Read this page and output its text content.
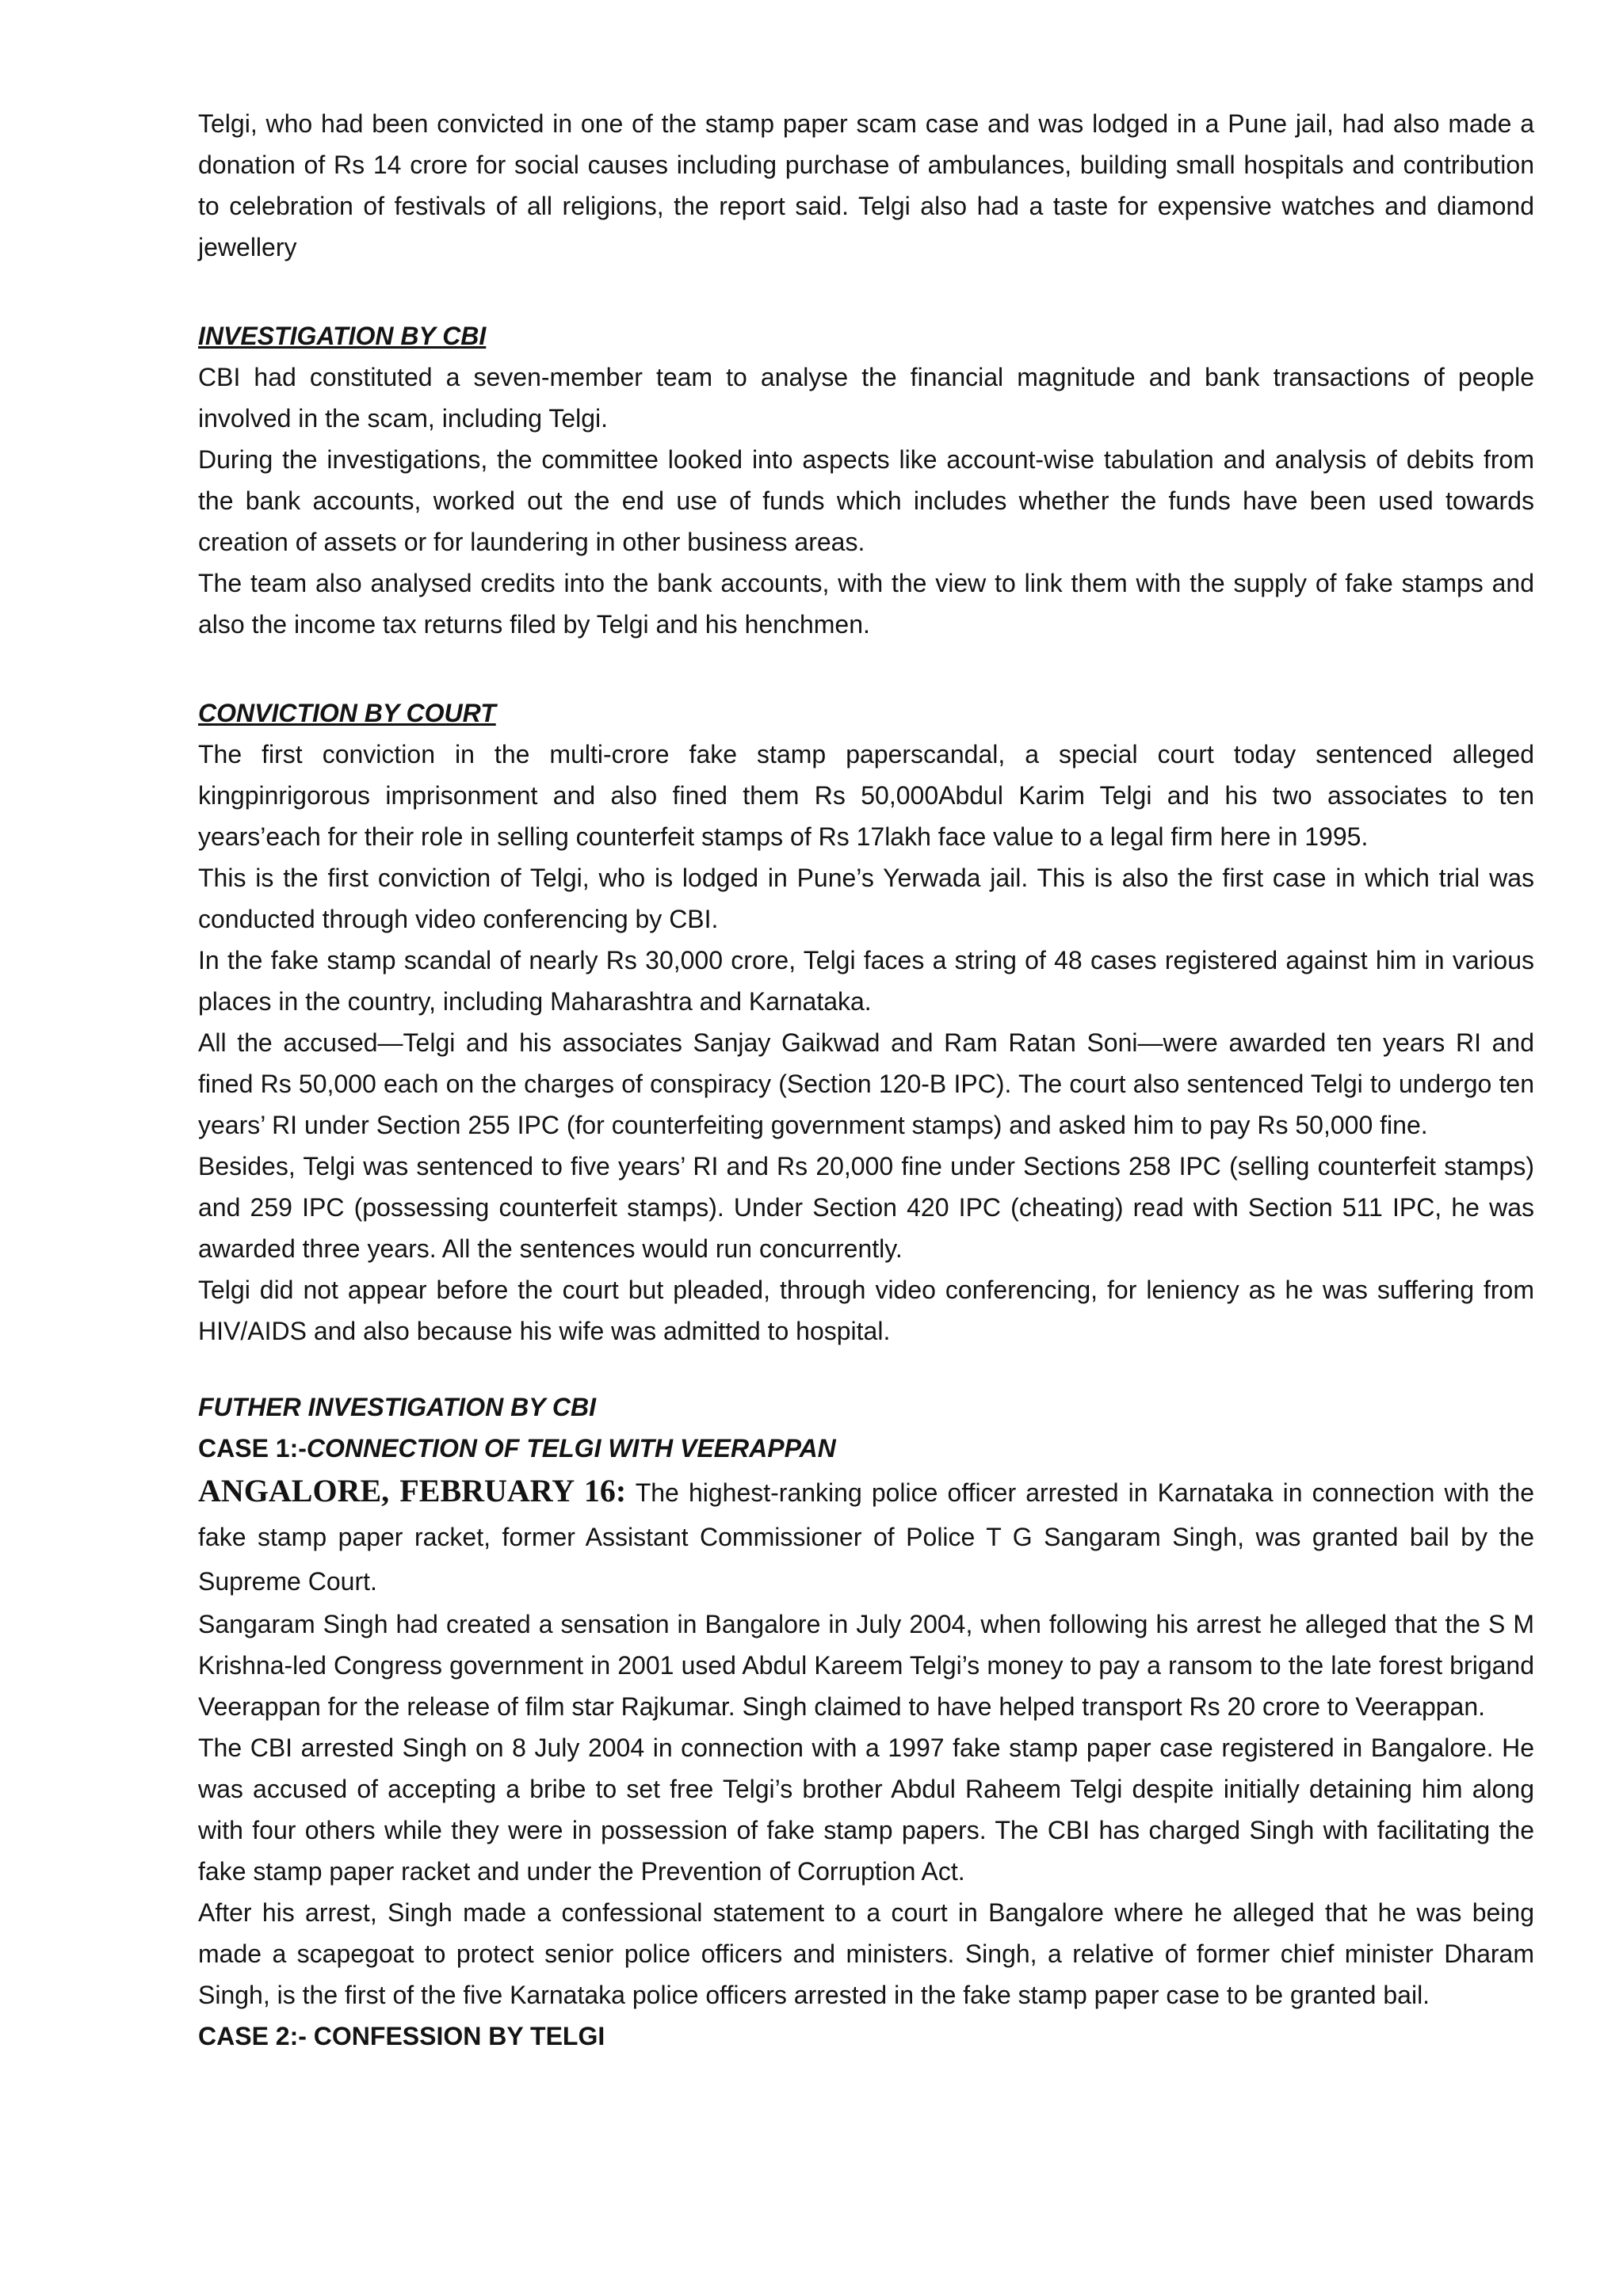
Telgi, who had been convicted in one of the stamp paper scam case and was lodged in a Pune jail, had also made a donation of Rs 14 crore for social causes including purchase of ambulances, building small hospitals and contribution to celebration of festivals of all religions, the report said. Telgi also had a taste for expensive watches and diamond jewellery

INVESTIGATION BY CBI

CBI had constituted a seven-member team to analyse the financial magnitude and bank transactions of people involved in the scam, including Telgi.

During the investigations, the committee looked into aspects like account-wise tabulation and analysis of debits from the bank accounts, worked out the end use of funds which includes whether the funds have been used towards creation of assets or for laundering in other business areas.

The team also analysed credits into the bank accounts, with the view to link them with the supply of fake stamps and also the income tax returns filed by Telgi and his henchmen.

CONVICTION BY COURT

The first conviction in the multi-crore fake stamp paperscandal, a special court today sentenced alleged kingpinrigorous imprisonment and also fined them Rs 50,000Abdul Karim Telgi and his two associates to ten years’each for their role in selling counterfeit stamps of Rs 17lakh face value to a legal firm here in 1995.

This is the first conviction of Telgi, who is lodged in Pune’s Yerwada jail. This is also the first case in which trial was conducted through video conferencing by CBI.

In the fake stamp scandal of nearly Rs 30,000 crore, Telgi faces a string of 48 cases registered against him in various places in the country, including Maharashtra and Karnataka.

All the accused—Telgi and his associates Sanjay Gaikwad and Ram Ratan Soni—were awarded ten years RI and fined Rs 50,000 each on the charges of conspiracy (Section 120-B IPC). The court also sentenced Telgi to undergo ten years’ RI under Section 255 IPC (for counterfeiting government stamps) and asked him to pay Rs 50,000 fine.

Besides, Telgi was sentenced to five years’ RI and Rs 20,000 fine under Sections 258 IPC (selling counterfeit stamps) and 259 IPC (possessing counterfeit stamps). Under Section 420 IPC (cheating) read with Section 511 IPC, he was awarded three years. All the sentences would run concurrently.

Telgi did not appear before the court but pleaded, through video conferencing, for leniency as he was suffering from HIV/AIDS and also because his wife was admitted to hospital.

FUTHER INVESTIGATION BY CBI

CASE 1:-CONNECTION OF TELGI WITH VEERAPPAN

ANGALORE, FEBRUARY 16: The highest-ranking police officer arrested in Karnataka in connection with the fake stamp paper racket, former Assistant Commissioner of Police T G Sangaram Singh, was granted bail by the Supreme Court.

Sangaram Singh had created a sensation in Bangalore in July 2004, when following his arrest he alleged that the S M Krishna-led Congress government in 2001 used Abdul Kareem Telgi’s money to pay a ransom to the late forest brigand Veerappan for the release of film star Rajkumar. Singh claimed to have helped transport Rs 20 crore to Veerappan.

The CBI arrested Singh on 8 July 2004 in connection with a 1997 fake stamp paper case registered in Bangalore. He was accused of accepting a bribe to set free Telgi’s brother Abdul Raheem Telgi despite initially detaining him along with four others while they were in possession of fake stamp papers. The CBI has charged Singh with facilitating the fake stamp paper racket and under the Prevention of Corruption Act.

After his arrest, Singh made a confessional statement to a court in Bangalore where he alleged that he was being made a scapegoat to protect senior police officers and ministers. Singh, a relative of former chief minister Dharam Singh, is the first of the five Karnataka police officers arrested in the fake stamp paper case to be granted bail.

CASE 2:- CONFESSION BY TELGI
